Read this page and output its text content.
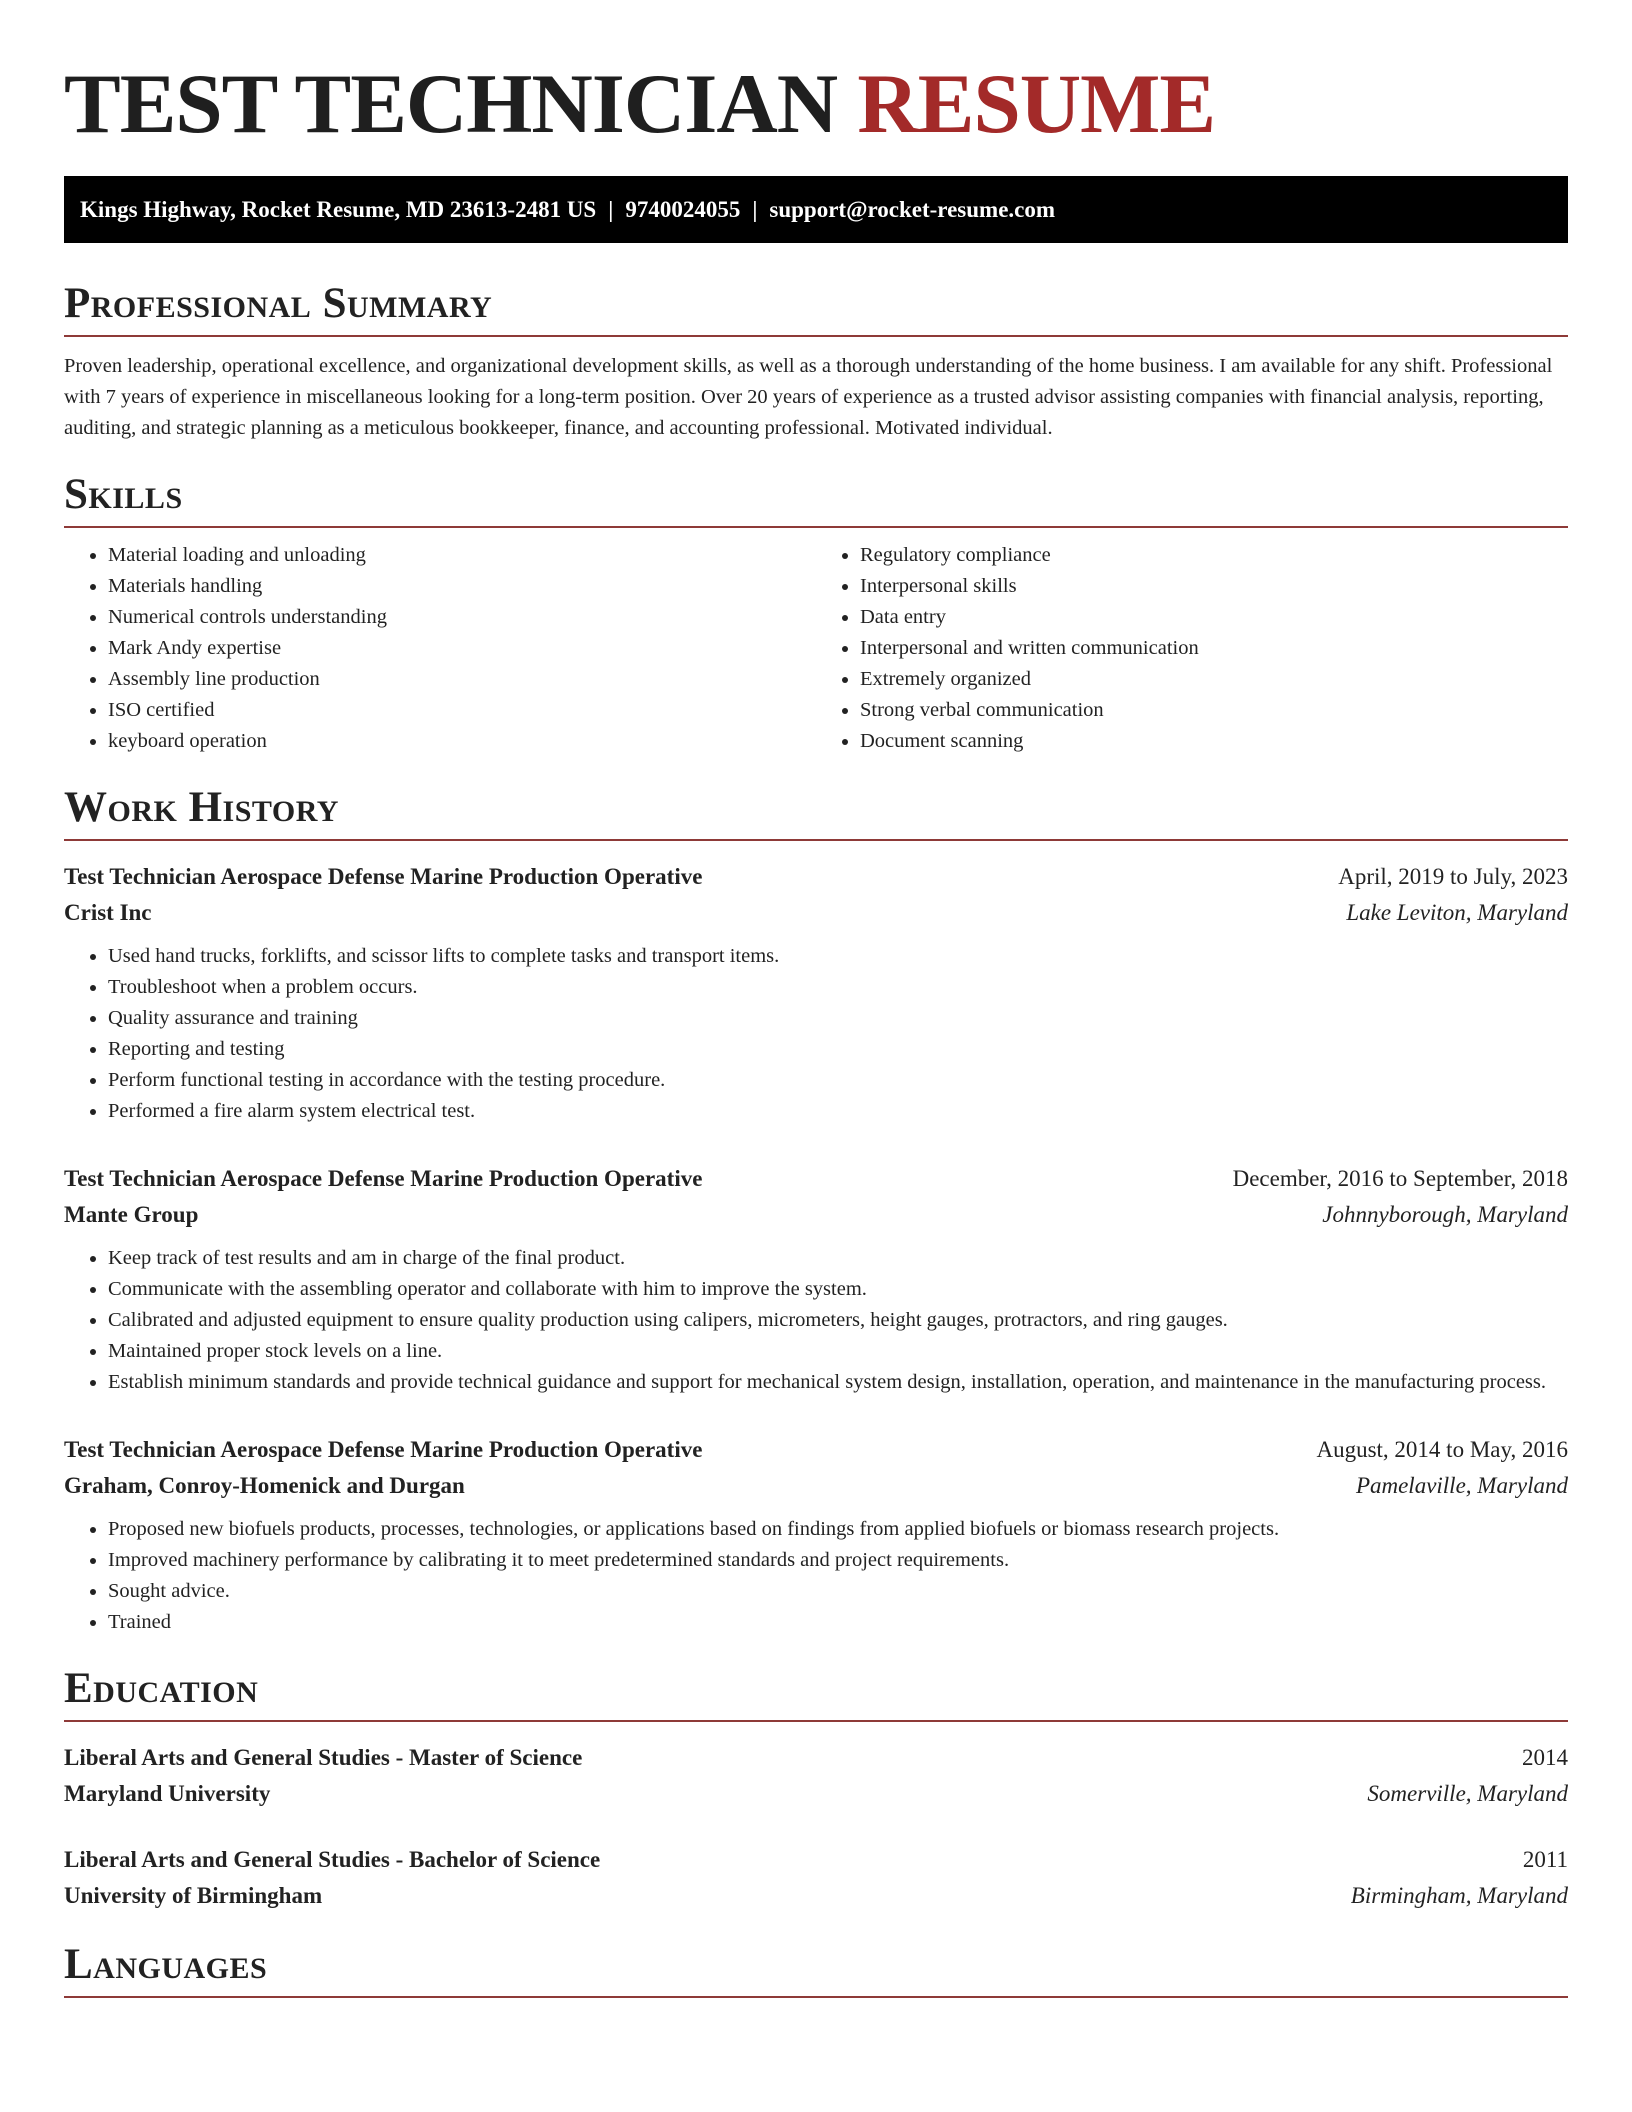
TEST TECHNICIAN RESUME
Kings Highway, Rocket Resume, MD 23613-2481 US | 9740024055 | support@rocket-resume.com
Professional Summary

Proven leadership, operational excellence, and organizational development skills, as well as a thorough understanding of the home business. I am available for any shift. Professional with 7 years of experience in miscellaneous looking for a long-term position. Over 20 years of experience as a trusted advisor assisting companies with financial analysis, reporting, auditing, and strategic planning as a meticulous bookkeeper, finance, and accounting professional. Motivated individual.

Skills
• Material loading and unloading
• Materials handling
• Numerical controls understanding
• Mark Andy expertise
• Assembly line production
• ISO certified
• keyboard operation
• Regulatory compliance
• Interpersonal skills
• Data entry
• Interpersonal and written communication
• Extremely organized
• Strong verbal communication
• Document scanning
Work History
Test Technician Aerospace Defense Marine Production Operative	April, 2019 to July, 2023
Crist Inc	Lake Leviton, Maryland
• Used hand trucks, forklifts, and scissor lifts to complete tasks and transport items.
• Troubleshoot when a problem occurs.
• Quality assurance and training
• Reporting and testing
• Perform functional testing in accordance with the testing procedure.
• Performed a fire alarm system electrical test.
Test Technician Aerospace Defense Marine Production Operative	December, 2016 to September, 2018
Mante Group	Johnnyborough, Maryland
• Keep track of test results and am in charge of the final product.
• Communicate with the assembling operator and collaborate with him to improve the system.
• Calibrated and adjusted equipment to ensure quality production using calipers, micrometers, height gauges, protractors, and ring gauges.
• Maintained proper stock levels on a line.
• Establish minimum standards and provide technical guidance and support for mechanical system design, installation, operation, and maintenance in the manufacturing process.
Test Technician Aerospace Defense Marine Production Operative	August, 2014 to May, 2016
Graham, Conroy-Homenick and Durgan	Pamelaville, Maryland
• Proposed new biofuels products, processes, technologies, or applications based on findings from applied biofuels or biomass research projects.
• Improved machinery performance by calibrating it to meet predetermined standards and project requirements.
• Sought advice.
• Trained
Education
Liberal Arts and General Studies - Master of Science	2014
Maryland University	Somerville, Maryland
Liberal Arts and General Studies - Bachelor of Science	2011
University of Birmingham	Birmingham, Maryland
Languages
